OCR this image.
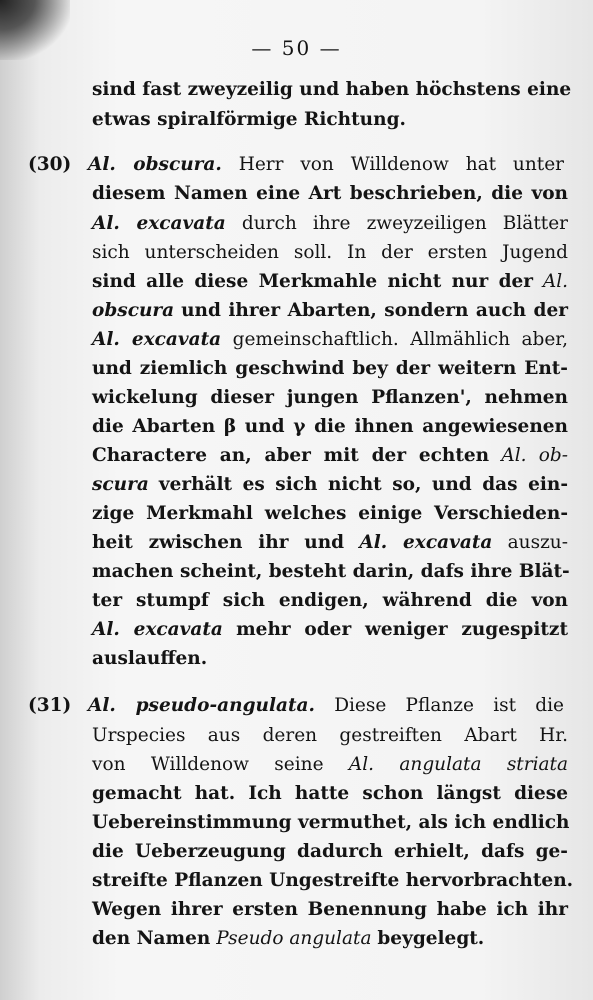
— 50 —
sind fast zweyzeilig und haben höchstens eine
etwas spiralförmige Richtung.
(30) Al. obscura. Herr von Willdenow hat unter
diesem Namen eine Art beschrieben, die von
Al. excavata durch ihre zweyzeiligen Blätter
sich unterscheiden soll. In der ersten Jugend
sind alle diese Merkmahle nicht nur der Al.
obscura und ihrer Abarten, sondern auch der
Al. excavata gemeinschaftlich. Allmählich aber,
und ziemlich geschwind bey der weitern Ent-
wickelung dieser jungen Pflanzen', nehmen
die Abarten β und γ die ihnen angewiesenen
Charactere an, aber mit der echten Al. ob-
scura verhält es sich nicht so, und das ein-
zige Merkmahl welches einige Verschieden-
heit zwischen ihr und Al. excavata auszu-
machen scheint, besteht darin, dafs ihre Blät-
ter stumpf sich endigen, während die von
Al. excavata mehr oder weniger zugespitzt
auslauffen.
(31) Al. pseudo-angulata. Diese Pflanze ist die
Urspecies aus deren gestreiften Abart Hr.
von Willdenow seine Al. angulata striata
gemacht hat. Ich hatte schon längst diese
Uebereinstimmung vermuthet, als ich endlich
die Ueberzeugung dadurch erhielt, dafs ge-
streifte Pflanzen Ungestreifte hervorbrachten.
Wegen ihrer ersten Benennung habe ich ihr
den Namen Pseudo angulata beygelegt.
